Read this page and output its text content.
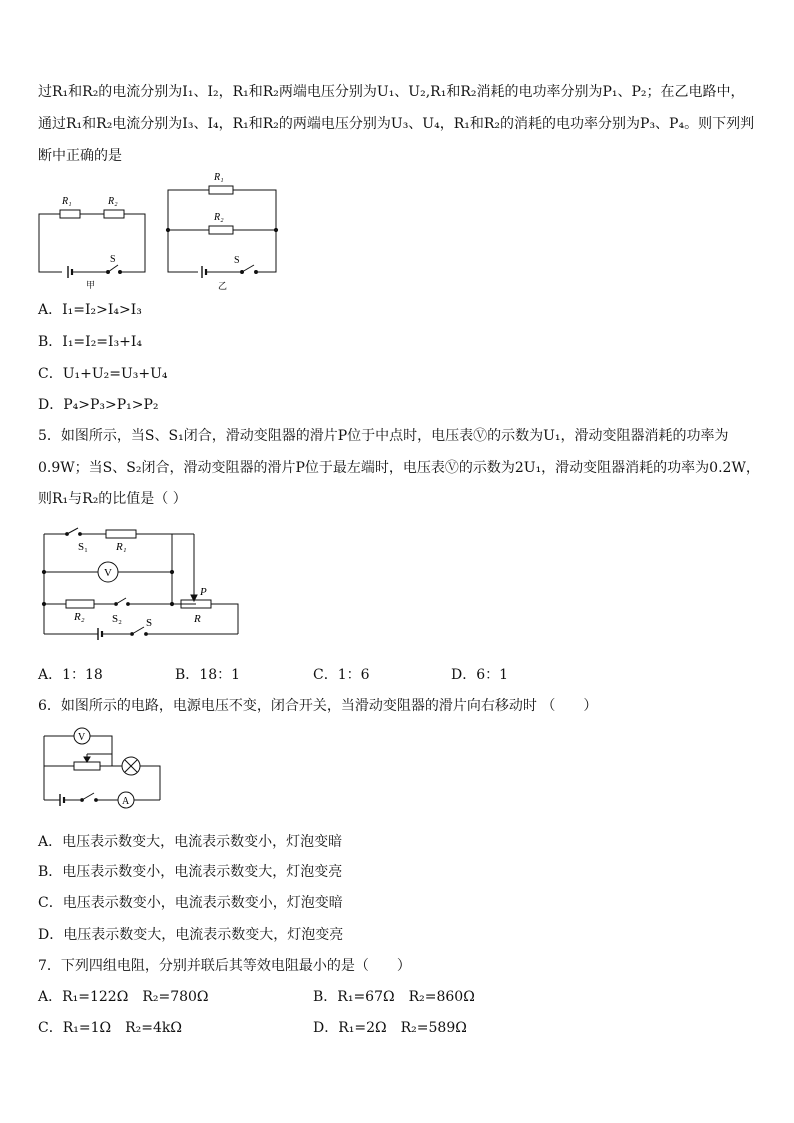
过R₁和R₂的电流分别为I₁、I₂，R₁和R₂两端电压分别为U₁、U₂,R₁和R₂消耗的电功率分别为P₁、P₂；在乙电路中，
通过R₁和R₂电流分别为I₃、I₄，R₁和R₂的两端电压分别为U₃、U₄，R₁和R₂的消耗的电功率分别为P₃、P₄。则下列判
断中正确的是
R₁	R₂
S
甲
R₁
R₂
S
乙
A．I₁=I₂>I₄>I₃
B．I₁=I₂=I₃+I₄
C．U₁+U₂=U₃+U₄
D．P₄>P₃>P₁>P₂
5．如图所示，当S、S₁闭合，滑动变阻器的滑片P位于中点时，电压表Ⓥ的示数为U₁，滑动变阻器消耗的功率为
0.9W；当S、S₂闭合，滑动变阻器的滑片P位于最左端时，电压表Ⓥ的示数为2U₁，滑动变阻器消耗的功率为0.2W，
则R₁与R₂的比值是（ ）
V
S₁	R₁
P
R₂ S₂ S	R
A．1：18	B．18：1	C．1：6	D．6：1
6．如图所示的电路，电源电压不变，闭合开关，当滑动变阻器的滑片向右移动时 （　　）
V
A
A．电压表示数变大，电流表示数变小，灯泡变暗
B．电压表示数变小，电流表示数变大，灯泡变亮
C．电压表示数变小，电流表示数变小，灯泡变暗
D．电压表示数变大，电流表示数变大，灯泡变亮
7．下列四组电阻，分别并联后其等效电阻最小的是（　　）
A．R₁=122Ω　R₂=780Ω	B．R₁=67Ω　R₂=860Ω
C．R₁=1Ω　R₂=4kΩ	D．R₁=2Ω　R₂=589Ω
